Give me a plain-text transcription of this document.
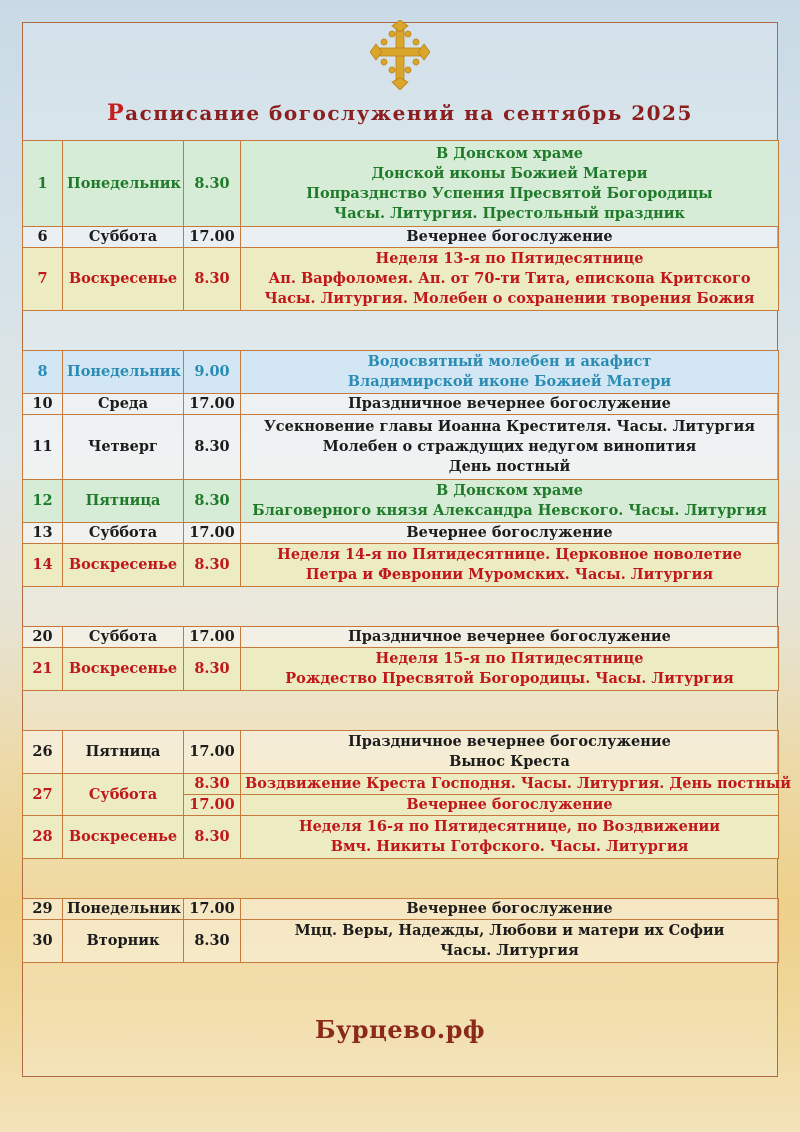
Расписание богослужений на сентябрь 2025
1	Понедельник	8.30	В Донском храме
Донской иконы Божией Матери
Попразднство Успения Пресвятой Богородицы
Часы. Литургия. Престольный праздник

6	Суббота	17.00	Вечернее богослужение

7	Воскресенье	8.30	Неделя 13-я по Пятидесятнице
Ап. Варфоломея. Ап. от 70-ти Тита, епископа Критского
Часы. Литургия. Молебен о сохранении творения Божия

8	Понедельник	9.00	Водосвятный молебен и акафист
Владимирской иконе Божией Матери

10	Среда	17.00	Праздничное вечернее богослужение

11	Четверг	8.30	Усекновение главы Иоанна Крестителя. Часы. Литургия
Молебен о страждущих недугом винопития
День постный

12	Пятница	8.30	В Донском храме
Благоверного князя Александра Невского. Часы. Литургия

13	Суббота	17.00	Вечернее богослужение

14	Воскресенье	8.30	Неделя 14-я по Пятидесятнице. Церковное новолетие
Петра и Февронии Муромских. Часы. Литургия

20	Суббота	17.00	Праздничное вечернее богослужение

21	Воскресенье	8.30	Неделя 15-я по Пятидесятнице
Рождество Пресвятой Богородицы. Часы. Литургия

26	Пятница	17.00	Праздничное вечернее богослужение
Вынос Креста

27	Суббота	8.30	Воздвижение Креста Господня. Часы. Литургия. День постный

		17.00	Вечернее богослужение

28	Воскресенье	8.30	Неделя 16-я по Пятидесятнице, по Воздвижении
Вмч. Никиты Готфского. Часы. Литургия

29	Понедельник	17.00	Вечернее богослужение

30	Вторник	8.30	Мцц. Веры, Надежды, Любови и матери их Софии
Часы. Литургия
Бурцево.рф
